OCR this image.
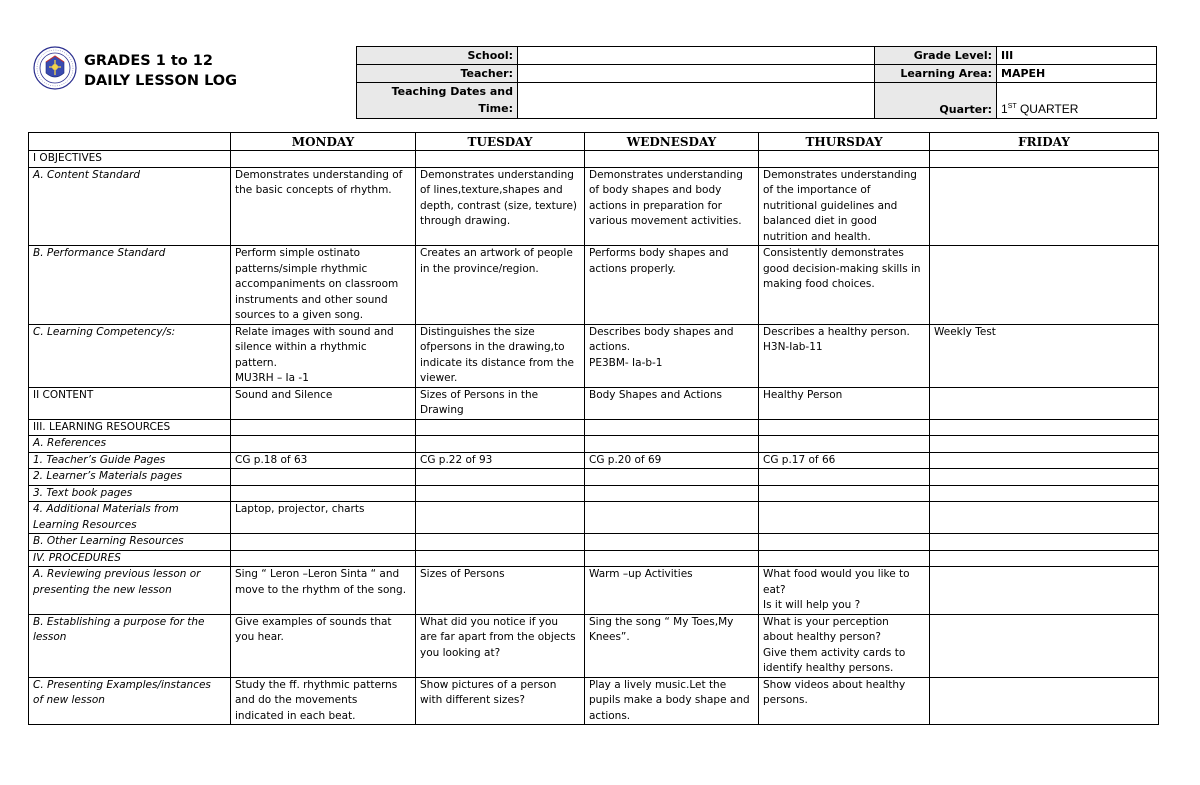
GRADES 1 to 12
DAILY LESSON LOG
School:		Grade Level:	III
Teacher:		Learning Area:	MAPEH

Teaching Dates and
Time:		Quarter:	1ST QUARTER
	MONDAY	TUESDAY	WEDNESDAY	THURSDAY	FRIDAY
I OBJECTIVES					
A. Content Standard	Demonstrates understanding of
the basic concepts of rhythm.	Demonstrates understanding
of lines,texture,shapes and
depth, contrast (size, texture)
through drawing.	Demonstrates understanding
of body shapes and body
actions in preparation for
various movement activities.	Demonstrates understanding
of the importance of
nutritional guidelines and
balanced diet in good
nutrition and health.	
B. Performance Standard	Perform simple ostinato
patterns/simple rhythmic
accompaniments on classroom
instruments and other sound
sources to a given song.	Creates an artwork of people
in the province/region.	Performs body shapes and
actions properly.	Consistently demonstrates
good decision-making skills in
making food choices.	
C. Learning Competency/s:	Relate images with sound and
silence within a rhythmic
pattern.
MU3RH – Ia -1	Distinguishes the size
ofpersons in the drawing,to
indicate its distance from the
viewer.	Describes body shapes and
actions.
PE3BM- Ia-b-1	Describes a healthy person.
H3N-Iab-11	Weekly Test
II CONTENT	Sound and Silence	Sizes of Persons in the
Drawing	Body Shapes and Actions	Healthy Person	
III. LEARNING RESOURCES					
A. References					
1. Teacher’s Guide Pages	CG p.18 of 63	CG p.22 of 93	CG p.20 of 69	CG p.17 of 66	
2. Learner’s Materials pages					
3. Text book pages					
4. Additional Materials from
Learning Resources	Laptop, projector, charts				
B. Other Learning Resources					
IV. PROCEDURES					
A. Reviewing previous lesson or
presenting the new lesson	Sing “ Leron –Leron Sinta “ and
move to the rhythm of the song.	Sizes of Persons	Warm –up Activities	What food would you like to
eat?
Is it will help you ?	
B. Establishing a purpose for the
lesson	Give examples of sounds that
you hear.	What did you notice if you
are far apart from the objects
you looking at?	Sing the song “ My Toes,My
Knees”.	What is your perception
about healthy person?
Give them activity cards to
identify healthy persons.	
C. Presenting Examples/instances
of new lesson	Study the ff. rhythmic patterns
and do the movements
indicated in each beat.	Show pictures of a person
with different sizes?	Play a lively music.Let the
pupils make a body shape and
actions.	Show videos about healthy
persons.	
